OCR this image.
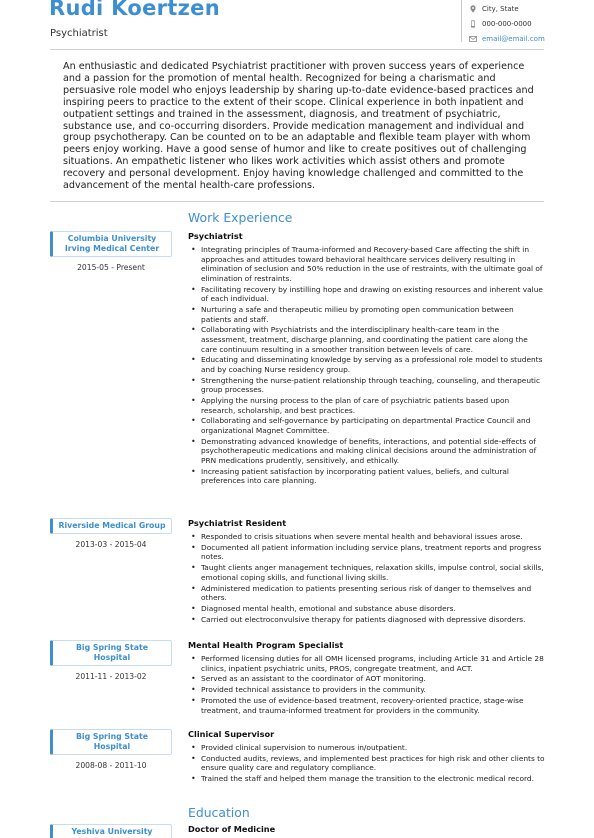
Rudi Koertzen
Psychiatrist
City, State
000-000-0000
email@email.com
An enthusiastic and dedicated Psychiatrist practitioner with proven success years of experience and a passion for the promotion of mental health. Recognized for being a charismatic and persuasive role model who enjoys leadership by sharing up-to-date evidence-based practices and inspiring peers to practice to the extent of their scope. Clinical experience in both inpatient and outpatient settings and trained in the assessment, diagnosis, and treatment of psychiatric, substance use, and co-occurring disorders. Provide medication management and individual and group psychotherapy. Can be counted on to be an adaptable and flexible team player with whom peers enjoy working. Have a good sense of humor and like to create positives out of challenging situations. An empathetic listener who likes work activities which assist others and promote recovery and personal development. Enjoy having knowledge challenged and committed to the advancement of the mental health-care professions.
Work Experience
Columbia University Irving Medical Center
2015-05 - Present
Psychiatrist
• Integrating principles of Trauma-informed and Recovery-based Care affecting the shift in approaches and attitudes toward behavioral healthcare services delivery resulting in elimination of seclusion and 50% reduction in the use of restraints, with the ultimate goal of elimination of restraints.
• Facilitating recovery by instilling hope and drawing on existing resources and inherent value of each individual.
• Nurturing a safe and therapeutic milieu by promoting open communication between patients and staff.
• Collaborating with Psychiatrists and the interdisciplinary health-care team in the assessment, treatment, discharge planning, and coordinating the patient care along the care continuum resulting in a smoother transition between levels of care.
• Educating and disseminating knowledge by serving as a professional role model to students and by coaching Nurse residency group.
• Strengthening the nurse-patient relationship through teaching, counseling, and therapeutic group processes.
• Applying the nursing process to the plan of care of psychiatric patients based upon research, scholarship, and best practices.
• Collaborating and self-governance by participating on departmental Practice Council and organizational Magnet Committee.
• Demonstrating advanced knowledge of benefits, interactions, and potential side-effects of psychotherapeutic medications and making clinical decisions around the administration of PRN medications prudently, sensitively, and ethically.
• Increasing patient satisfaction by incorporating patient values, beliefs, and cultural preferences into care planning.
Riverside Medical Group
2013-03 - 2015-04
Psychiatrist Resident
• Responded to crisis situations when severe mental health and behavioral issues arose.
• Documented all patient information including service plans, treatment reports and progress notes.
• Taught clients anger management techniques, relaxation skills, impulse control, social skills, emotional coping skills, and functional living skills.
• Administered medication to patients presenting serious risk of danger to themselves and others.
• Diagnosed mental health, emotional and substance abuse disorders.
• Carried out electroconvulsive therapy for patients diagnosed with depressive disorders.
Big Spring State Hospital
2011-11 - 2013-02
Mental Health Program Specialist
• Performed licensing duties for all OMH licensed programs, including Article 31 and Article 28 clinics, inpatient psychiatric units, PROS, congregate treatment, and ACT.
• Served as an assistant to the coordinator of AOT monitoring.
• Provided technical assistance to providers in the community.
• Promoted the use of evidence-based treatment, recovery-oriented practice, stage-wise treatment, and trauma-informed treatment for providers in the community.
Big Spring State Hospital
2008-08 - 2011-10
Clinical Supervisor
• Provided clinical supervision to numerous in/outpatient.
• Conducted audits, reviews, and implemented best practices for high risk and other clients to ensure quality care and regulatory compliance.
• Trained the staff and helped them manage the transition to the electronic medical record.
Education
Yeshiva University	Doctor of Medicine
